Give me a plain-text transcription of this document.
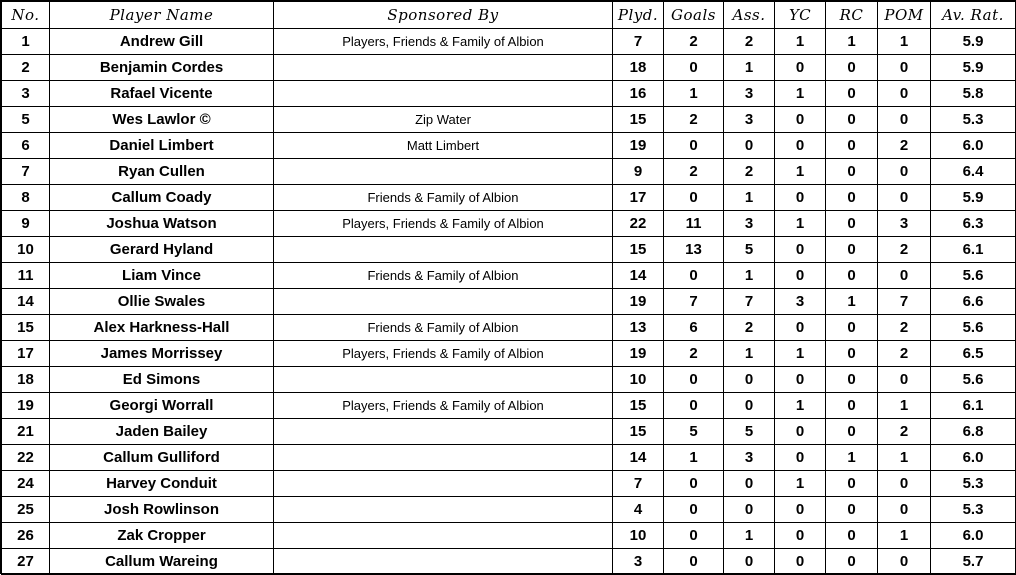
No.	Player Name	Sponsored By	Plyd.	Goals	Ass.	YC	RC	POM	Av. Rat.
1	Andrew Gill	Players, Friends & Family of Albion	7	2	2	1	1	1	5.9
2	Benjamin Cordes		18	0	1	0	0	0	5.9
3	Rafael Vicente		16	1	3	1	0	0	5.8
5	Wes Lawlor ©	Zip Water	15	2	3	0	0	0	5.3
6	Daniel Limbert	Matt Limbert	19	0	0	0	0	2	6.0
7	Ryan Cullen		9	2	2	1	0	0	6.4
8	Callum Coady	Friends & Family of Albion	17	0	1	0	0	0	5.9
9	Joshua Watson	Players, Friends & Family of Albion	22	11	3	1	0	3	6.3
10	Gerard Hyland		15	13	5	0	0	2	6.1
11	Liam Vince	Friends & Family of Albion	14	0	1	0	0	0	5.6
14	Ollie Swales		19	7	7	3	1	7	6.6
15	Alex Harkness-Hall	Friends & Family of Albion	13	6	2	0	0	2	5.6
17	James Morrissey	Players, Friends & Family of Albion	19	2	1	1	0	2	6.5
18	Ed Simons		10	0	0	0	0	0	5.6
19	Georgi Worrall	Players, Friends & Family of Albion	15	0	0	1	0	1	6.1
21	Jaden Bailey		15	5	5	0	0	2	6.8
22	Callum Gulliford		14	1	3	0	1	1	6.0
24	Harvey Conduit		7	0	0	1	0	0	5.3
25	Josh Rowlinson		4	0	0	0	0	0	5.3
26	Zak Cropper		10	0	1	0	0	1	6.0
27	Callum Wareing		3	0	0	0	0	0	5.7
